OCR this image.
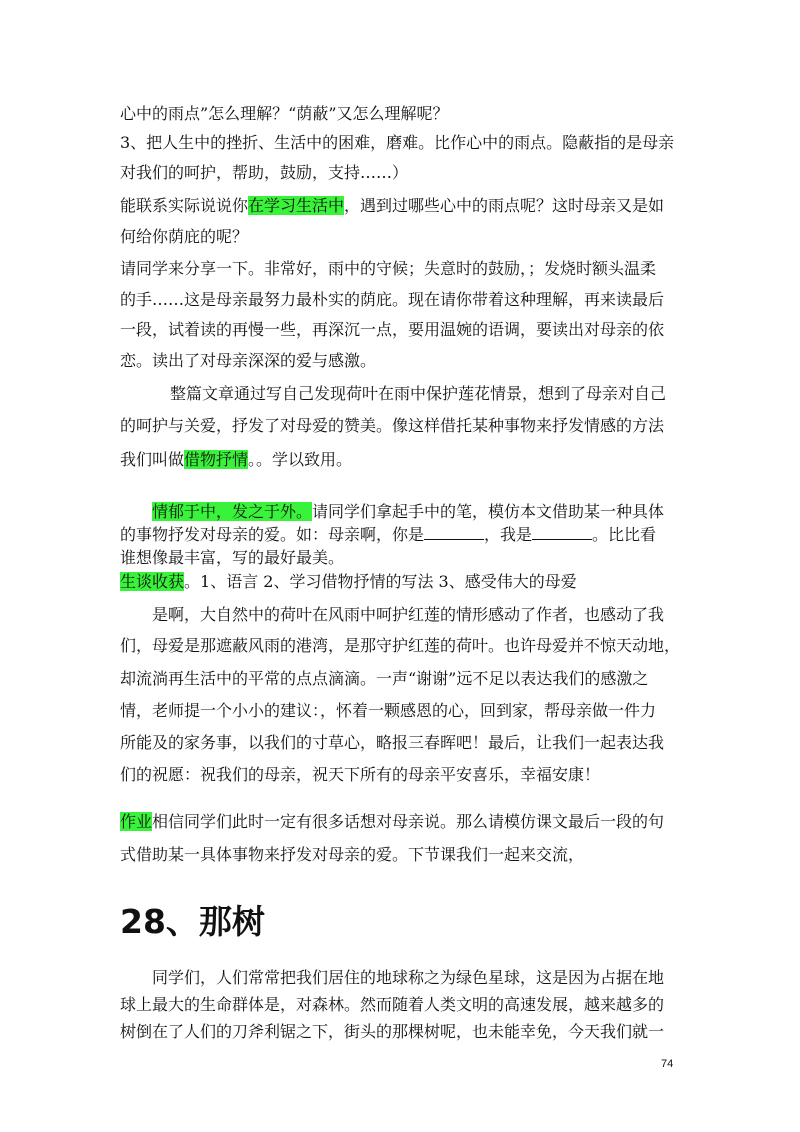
心中的雨点”怎么理解？“荫蔽”又怎么理解呢？
3、把人生中的挫折、生活中的困难，磨难。比作心中的雨点。隐蔽指的是母亲
对我们的呵护，帮助，鼓励，支持……）
能联系实际说说你在学习生活中，遇到过哪些心中的雨点呢？这时母亲又是如
何给你荫庇的呢？
请同学来分享一下。非常好，雨中的守候；失意时的鼓励，；发烧时额头温柔
的手……这是母亲最努力最朴实的荫庇。现在请你带着这种理解，再来读最后
一段，试着读的再慢一些，再深沉一点，要用温婉的语调，要读出对母亲的依
恋。读出了对母亲深深的爱与感激。
整篇文章通过写自己发现荷叶在雨中保护莲花情景，想到了母亲对自己
的呵护与关爱，抒发了对母爱的赞美。像这样借托某种事物来抒发情感的方法
我们叫做借物抒情。。学以致用。
情郁于中，发之于外。请同学们拿起手中的笔，模仿本文借助某一种具体
的事物抒发对母亲的爱。如：母亲啊，你是	，我是	。比比看
谁想像最丰富，写的最好最美。
生谈收获。1、语言 2、学习借物抒情的写法 3、感受伟大的母爱
是啊，大自然中的荷叶在风雨中呵护红莲的情形感动了作者，也感动了我
们，母爱是那遮蔽风雨的港湾，是那守护红莲的荷叶。也许母爱并不惊天动地，
却流淌再生活中的平常的点点滴滴。一声“谢谢”远不足以表达我们的感激之
情，老师提一个小小的建议：，怀着一颗感恩的心，回到家，帮母亲做一件力
所能及的家务事，以我们的寸草心，略报三春晖吧！最后，让我们一起表达我
们的祝愿：祝我们的母亲，祝天下所有的母亲平安喜乐，幸福安康！
作业相信同学们此时一定有很多话想对母亲说。那么请模仿课文最后一段的句
式借助某一具体事物来抒发对母亲的爱。下节课我们一起来交流，
28、那树
同学们，人们常常把我们居住的地球称之为绿色星球，这是因为占据在地
球上最大的生命群体是，对森林。然而随着人类文明的高速发展，越来越多的
树倒在了人们的刀斧利锯之下，街头的那棵树呢，也未能幸免，今天我们就一
74
